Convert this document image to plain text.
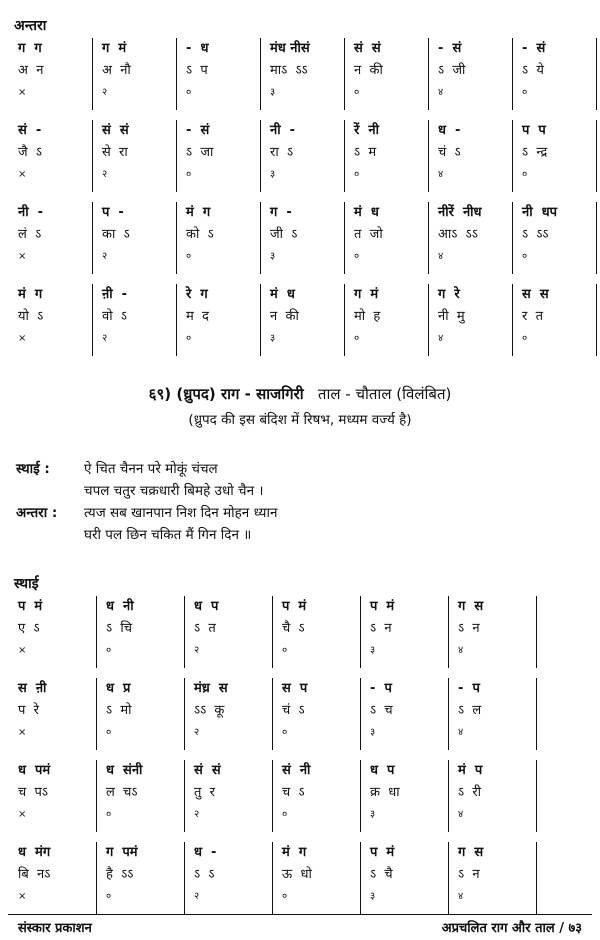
अन्तरा
ग  ग
अ  न
×
ग  मं
अ  नौ
२
-  ध
ऽ  प
०
मंध नीसं
माऽ  ऽऽ
३
सं  सं
न  की
०
-  सं
ऽ  जी
४
-  सं
ऽ  ये
०
सं  -
जै  ऽ
×
सं  सं
से  रा
२
-  सं
ऽ  जा
०
नी  -
रा  ऽ
३
रें  नी
ऽ  म
०
ध  -
चं  ऽ
४
प  प
ऽ  न्द्र
०
नी  -
लं  ऽ
×
प  -
का  ऽ
२
मं  ग
को  ऽ
०
ग  -
जी  ऽ
३
मं  ध
त  जो
०
नीरें  नीध
आऽ  ऽऽ
४
नी  धप
ऽ  ऽऽ
०
मं  ग
यो  ऽ
×
ऩी  -
वो  ऽ
२
रे  ग
म  द
०
मं  ध
न  की
३
ग  मं
मो  ह
०
ग  रे
नी  मु
४
स  स
र  त
०
६९) (ध्रुपद) राग - साजगिरी ताल - चौताल (विलंबित)
(ध्रुपद की इस बंदिश में रिषभ, मध्यम वर्ज्य है)
स्थाई :	ऐ चित चैनन परे मोकूं चंचल
चपल चतुर चक्रधारी बिमहे उधो चैन ।
अन्तरा : त्यज सब खानपान निश दिन मोहन ध्यान
घरी पल छिन चकित मैं गिन दिन ॥
स्थाई
प  मं
ए  ऽ
×
ध  नी
ऽ  चि
०
ध  प
ऽ  त
२
प  मं
चै  ऽ
०
प  मं
ऽ  न
३
ग  स
ऽ  न
४
स  ऩी
प  रे
×
ध  प्र
ऽ  मो
०
मंध्र  स
ऽऽ  कू
२
स  प
चं  ऽ
०
-  प
ऽ  च
३
-  प
ऽ  ल
४
ध  पमं
च  पऽ
×
ध  संनी
ल  चऽ
०
सं  सं
तु  र
२
सं  नी
च  ऽ
०
ध  प
क्र  धा
३
मं  प
ऽ  री
४
ध  मंग
बि  नऽ
×
ग  पमं
है  ऽऽ
०
ध  -
ऽ  ऽ
२
मं  ग
ऊ  धो
०
प  मं
ऽ  चै
३
ग  स
ऽ  न
४
संस्कार प्रकाशन	अप्रचलित राग और ताल / ७३
